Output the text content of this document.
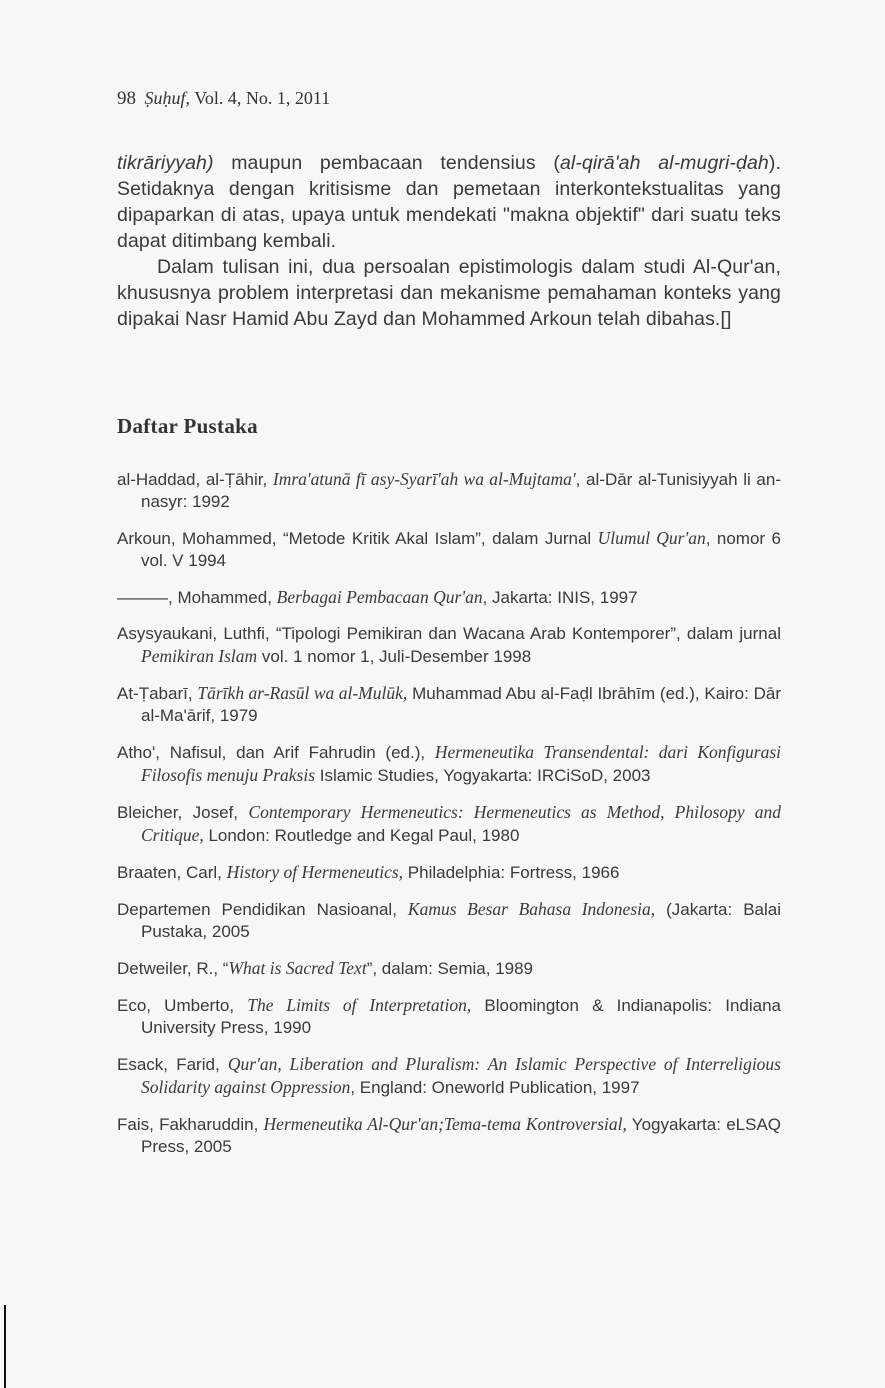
98 Ṣuḥuf, Vol. 4, No. 1, 2011

tikrāriyyah) maupun pembacaan tendensius (al-qirā'ah al-mugri-ḍah). Setidaknya dengan kritisisme dan pemetaan interkontekstualitas yang dipaparkan di atas, upaya untuk mendekati "makna objektif" dari suatu teks dapat ditimbang kembali.

Dalam tulisan ini, dua persoalan epistimologis dalam studi Al-Qur'an, khususnya problem interpretasi dan mekanisme pemahaman konteks yang dipakai Nasr Hamid Abu Zayd dan Mohammed Arkoun telah dibahas.[]

Daftar Pustaka

al-Haddad, al-Ṭāhir, Imra'atunā fī asy-Syarī'ah wa al-Mujtama', al-Dār al-Tunisiyyah li an-nasyr: 1992

Arkoun, Mohammed, “Metode Kritik Akal Islam”, dalam Jurnal Ulumul Qur'an, nomor 6 vol. V 1994

———, Mohammed, Berbagai Pembacaan Qur'an, Jakarta: INIS, 1997

Asysyaukani, Luthfi, “Tipologi Pemikiran dan Wacana Arab Kontemporer”, dalam jurnal Pemikiran Islam vol. 1 nomor 1, Juli-Desember 1998

At-Ṭabarī, Tārīkh ar-Rasūl wa al-Mulūk, Muhammad Abu al-Faḍl Ibrāhīm (ed.), Kairo: Dār al-Ma'ārif, 1979

Atho', Nafisul, dan Arif Fahrudin (ed.), Hermeneutika Transendental: dari Konfigurasi Filosofis menuju Praksis Islamic Studies, Yogyakarta: IRCiSoD, 2003

Bleicher, Josef, Contemporary Hermeneutics: Hermeneutics as Method, Philosopy and Critique, London: Routledge and Kegal Paul, 1980

Braaten, Carl, History of Hermeneutics, Philadelphia: Fortress, 1966

Departemen Pendidikan Nasioanal, Kamus Besar Bahasa Indonesia, (Jakarta: Balai Pustaka, 2005

Detweiler, R., “What is Sacred Text”, dalam: Semia, 1989

Eco, Umberto, The Limits of Interpretation, Bloomington & Indianapolis: Indiana University Press, 1990

Esack, Farid, Qur'an, Liberation and Pluralism: An Islamic Perspective of Interreligious Solidarity against Oppression, England: Oneworld Publication, 1997

Fais, Fakharuddin, Hermeneutika Al-Qur'an;Tema-tema Kontroversial, Yogyakarta: eLSAQ Press, 2005
